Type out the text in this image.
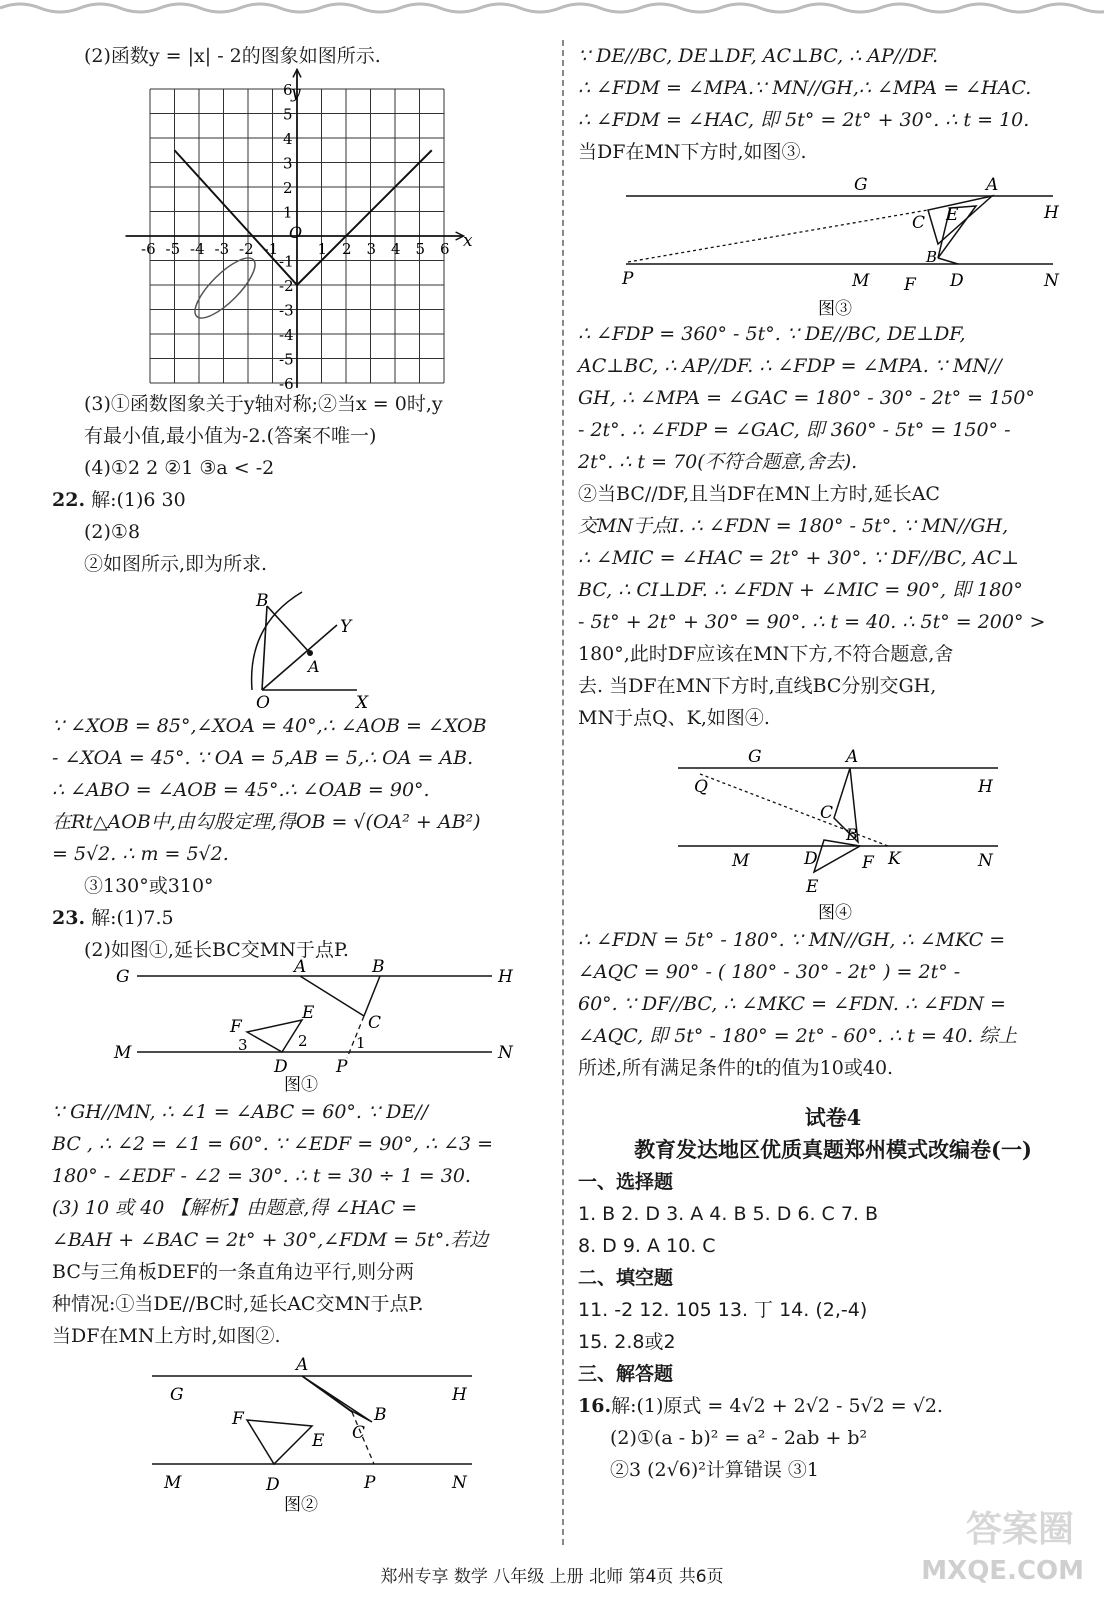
(2)函数y = |x| - 2的图象如图所示.

-6 -5 -4 -3 -2 -1	1 2 3 4 5 6
6
5
4
3
2
1
-1
-2
-3
-4
-5
-6
y
x
O

(3)①函数图象关于y轴对称;②当x = 0时,y

有最小值,最小值为-2.(答案不唯一)

(4)①2 2 ②1 ③a < -2

22. 解:(1)6 30

(2)①8

②如图所示,即为所求.

B
Y
A
O	X

∵ ∠XOB = 85°,∠XOA = 40°,∴ ∠AOB = ∠XOB

- ∠XOA = 45°. ∵ OA = 5,AB = 5,∴ OA = AB.

∴ ∠ABO = ∠AOB = 45°.∴ ∠OAB = 90°.

在Rt△AOB中,由勾股定理,得OB = √(OA² + AB²)

= 5√2. ∴ m = 5√2.

③130°或310°

23. 解:(1)7.5

(2)如图①,延长BC交MN于点P.

G	A	B	H
F
E	C
M	3	2	1
D	P
N
图①

∵ GH//MN, ∴ ∠1 = ∠ABC = 60°. ∵ DE//

BC , ∴ ∠2 = ∠1 = 60°. ∵ ∠EDF = 90°, ∴ ∠3 =

180° - ∠EDF - ∠2 = 30°. ∴ t = 30 ÷ 1 = 30.

(3) 10 或 40 【解析】由题意,得 ∠HAC =

∠BAH + ∠BAC = 2t° + 30°,∠FDM = 5t°.若边

BC与三角板DEF的一条直角边平行,则分两

种情况:①当DE//BC时,延长AC交MN于点P.

当DF在MN上方时,如图②.

A
G	H
B
F
C
E
M	D	P	N
图②

∵ DE//BC, DE⊥DF, AC⊥BC, ∴ AP//DF.

∴ ∠FDM = ∠MPA.∵ MN//GH,∴ ∠MPA = ∠HAC.

∴ ∠FDM = ∠HAC, 即 5t° = 2t° + 30°. ∴ t = 10.

当DF在MN下方时,如图③.

G	A
E	H
C
B
P	M F D	N
图③

∴ ∠FDP = 360° - 5t°. ∵ DE//BC, DE⊥DF,

AC⊥BC, ∴ AP//DF. ∴ ∠FDP = ∠MPA. ∵ MN//

GH, ∴ ∠MPA = ∠GAC = 180° - 30° - 2t° = 150°

- 2t°. ∴ ∠FDP = ∠GAC, 即 360° - 5t° = 150° -

2t°. ∴ t = 70(不符合题意,舍去).

②当BC//DF,且当DF在MN上方时,延长AC

交MN于点I. ∴ ∠FDN = 180° - 5t°. ∵ MN//GH,

∴ ∠MIC = ∠HAC = 2t° + 30°. ∵ DF//BC, AC⊥

BC, ∴ CI⊥DF. ∴ ∠FDN + ∠MIC = 90°, 即 180°

- 5t° + 2t° + 30° = 90°. ∴ t = 40. ∴ 5t° = 200° >

180°,此时DF应该在MN下方,不符合题意,舍

去. 当DF在MN下方时,直线BC分别交GH,

MN于点Q、K,如图④.

G	A
Q	H
C
B
M	D	F K	N
E
图④

∴ ∠FDN = 5t° - 180°. ∵ MN//GH, ∴ ∠MKC =

∠AQC = 90° - ( 180° - 30° - 2t° ) = 2t° -

60°. ∵ DF//BC, ∴ ∠MKC = ∠FDN. ∴ ∠FDN =

∠AQC, 即 5t° - 180° = 2t° - 60°. ∴ t = 40. 综上

所述,所有满足条件的t的值为10或40.

试卷4

教育发达地区优质真题郑州模式改编卷(一)

一、选择题

1. B 2. D 3. A 4. B 5. D 6. C 7. B

8. D 9. A 10. C

二、填空题

11. -2 12. 105 13. 丁 14. (2,-4)

15. 2.8或2

三、解答题

16.解:(1)原式 = 4√2 + 2√2 - 5√2 = √2.

(2)①(a - b)² = a² - 2ab + b²

②3 (2√6)²计算错误 ③1

郑州专享 数学 八年级 上册 北师 第4页 共6页
答案圈
MXQE.COM
